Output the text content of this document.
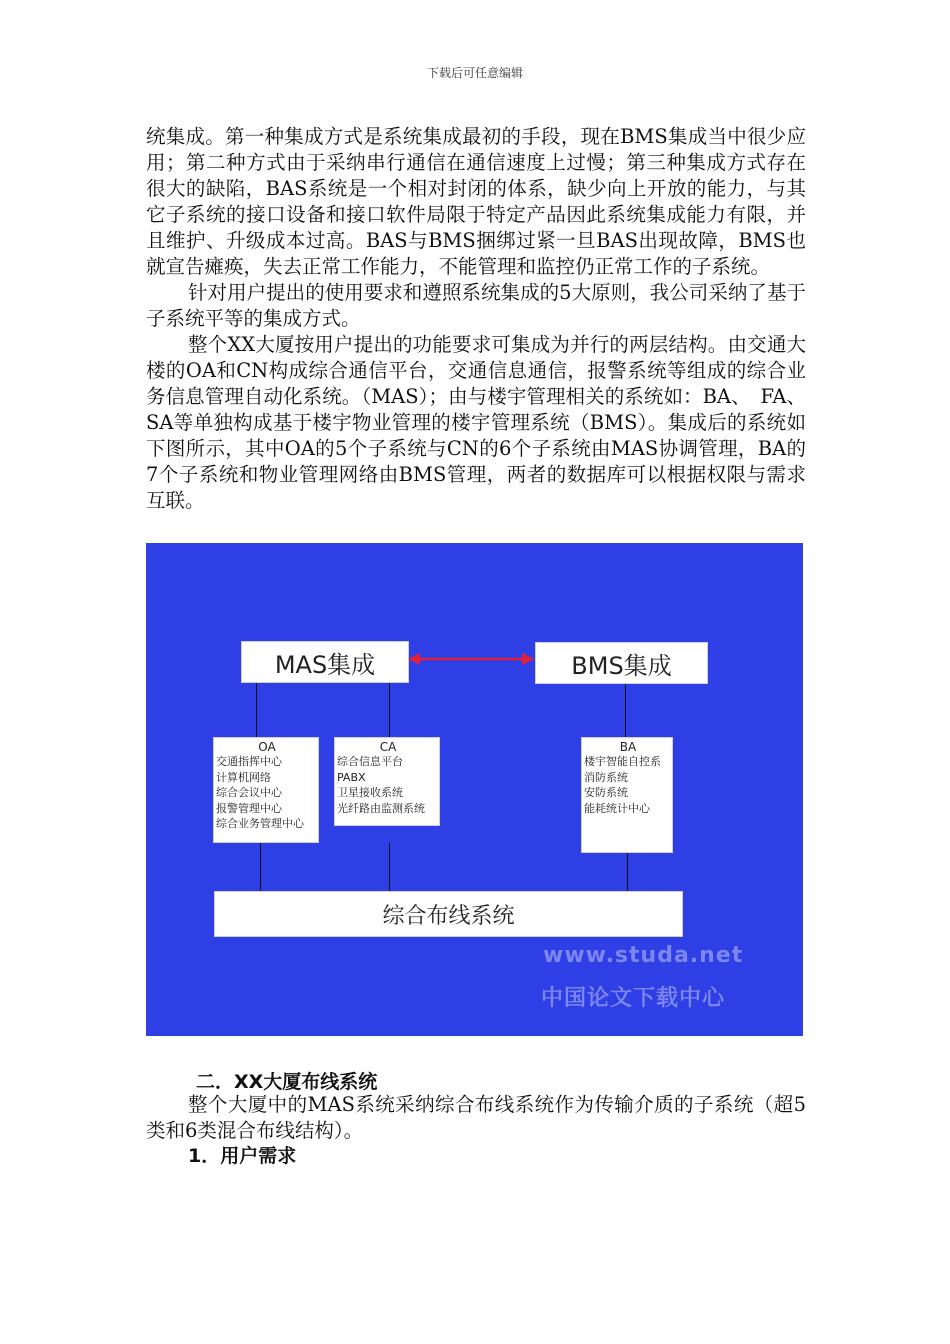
下载后可任意编辑

统集成。第一种集成方式是系统集成最初的手段，现在BMS集成当中很少应用；第二种方式由于采纳串行通信在通信速度上过慢；第三种集成方式存在很大的缺陷，BAS系统是一个相对封闭的体系，缺少向上开放的能力，与其它子系统的接口设备和接口软件局限于特定产品因此系统集成能力有限，并且维护、升级成本过高。BAS与BMS捆绑过紧一旦BAS出现故障，BMS也就宣告瘫痪，失去正常工作能力，不能管理和监控仍正常工作的子系统。

针对用户提出的使用要求和遵照系统集成的5大原则，我公司采纳了基于子系统平等的集成方式。

整个XX大厦按用户提出的功能要求可集成为并行的两层结构。由交通大楼的OA和CN构成综合通信平台，交通信息通信，报警系统等组成的综合业务信息管理自动化系统。（MAS）；由与楼宇管理相关的系统如：BA、　FA、SA等单独构成基于楼宇物业管理的楼宇管理系统（BMS）。集成后的系统如下图所示，其中OA的5个子系统与CN的6个子系统由MAS协调管理，BA的7个子系统和物业管理网络由BMS管理，两者的数据库可以根据权限与需求互联。

MAS集成	BMS集成
OA
交通指挥中心
计算机网络
综合会议中心
报警管理中心
综合业务管理中心
CA
综合信息平台
PABX
卫星接收系统
光纤路由监测系统
BA
楼宇智能自控系
消防系统
安防系统
能耗统计中心
综合布线系统
www.studa.net
中国论文下载中心
二．XX大厦布线系统

整个大厦中的MAS系统采纳综合布线系统作为传输介质的子系统（超5类和6类混合布线结构）。

1．用户需求
